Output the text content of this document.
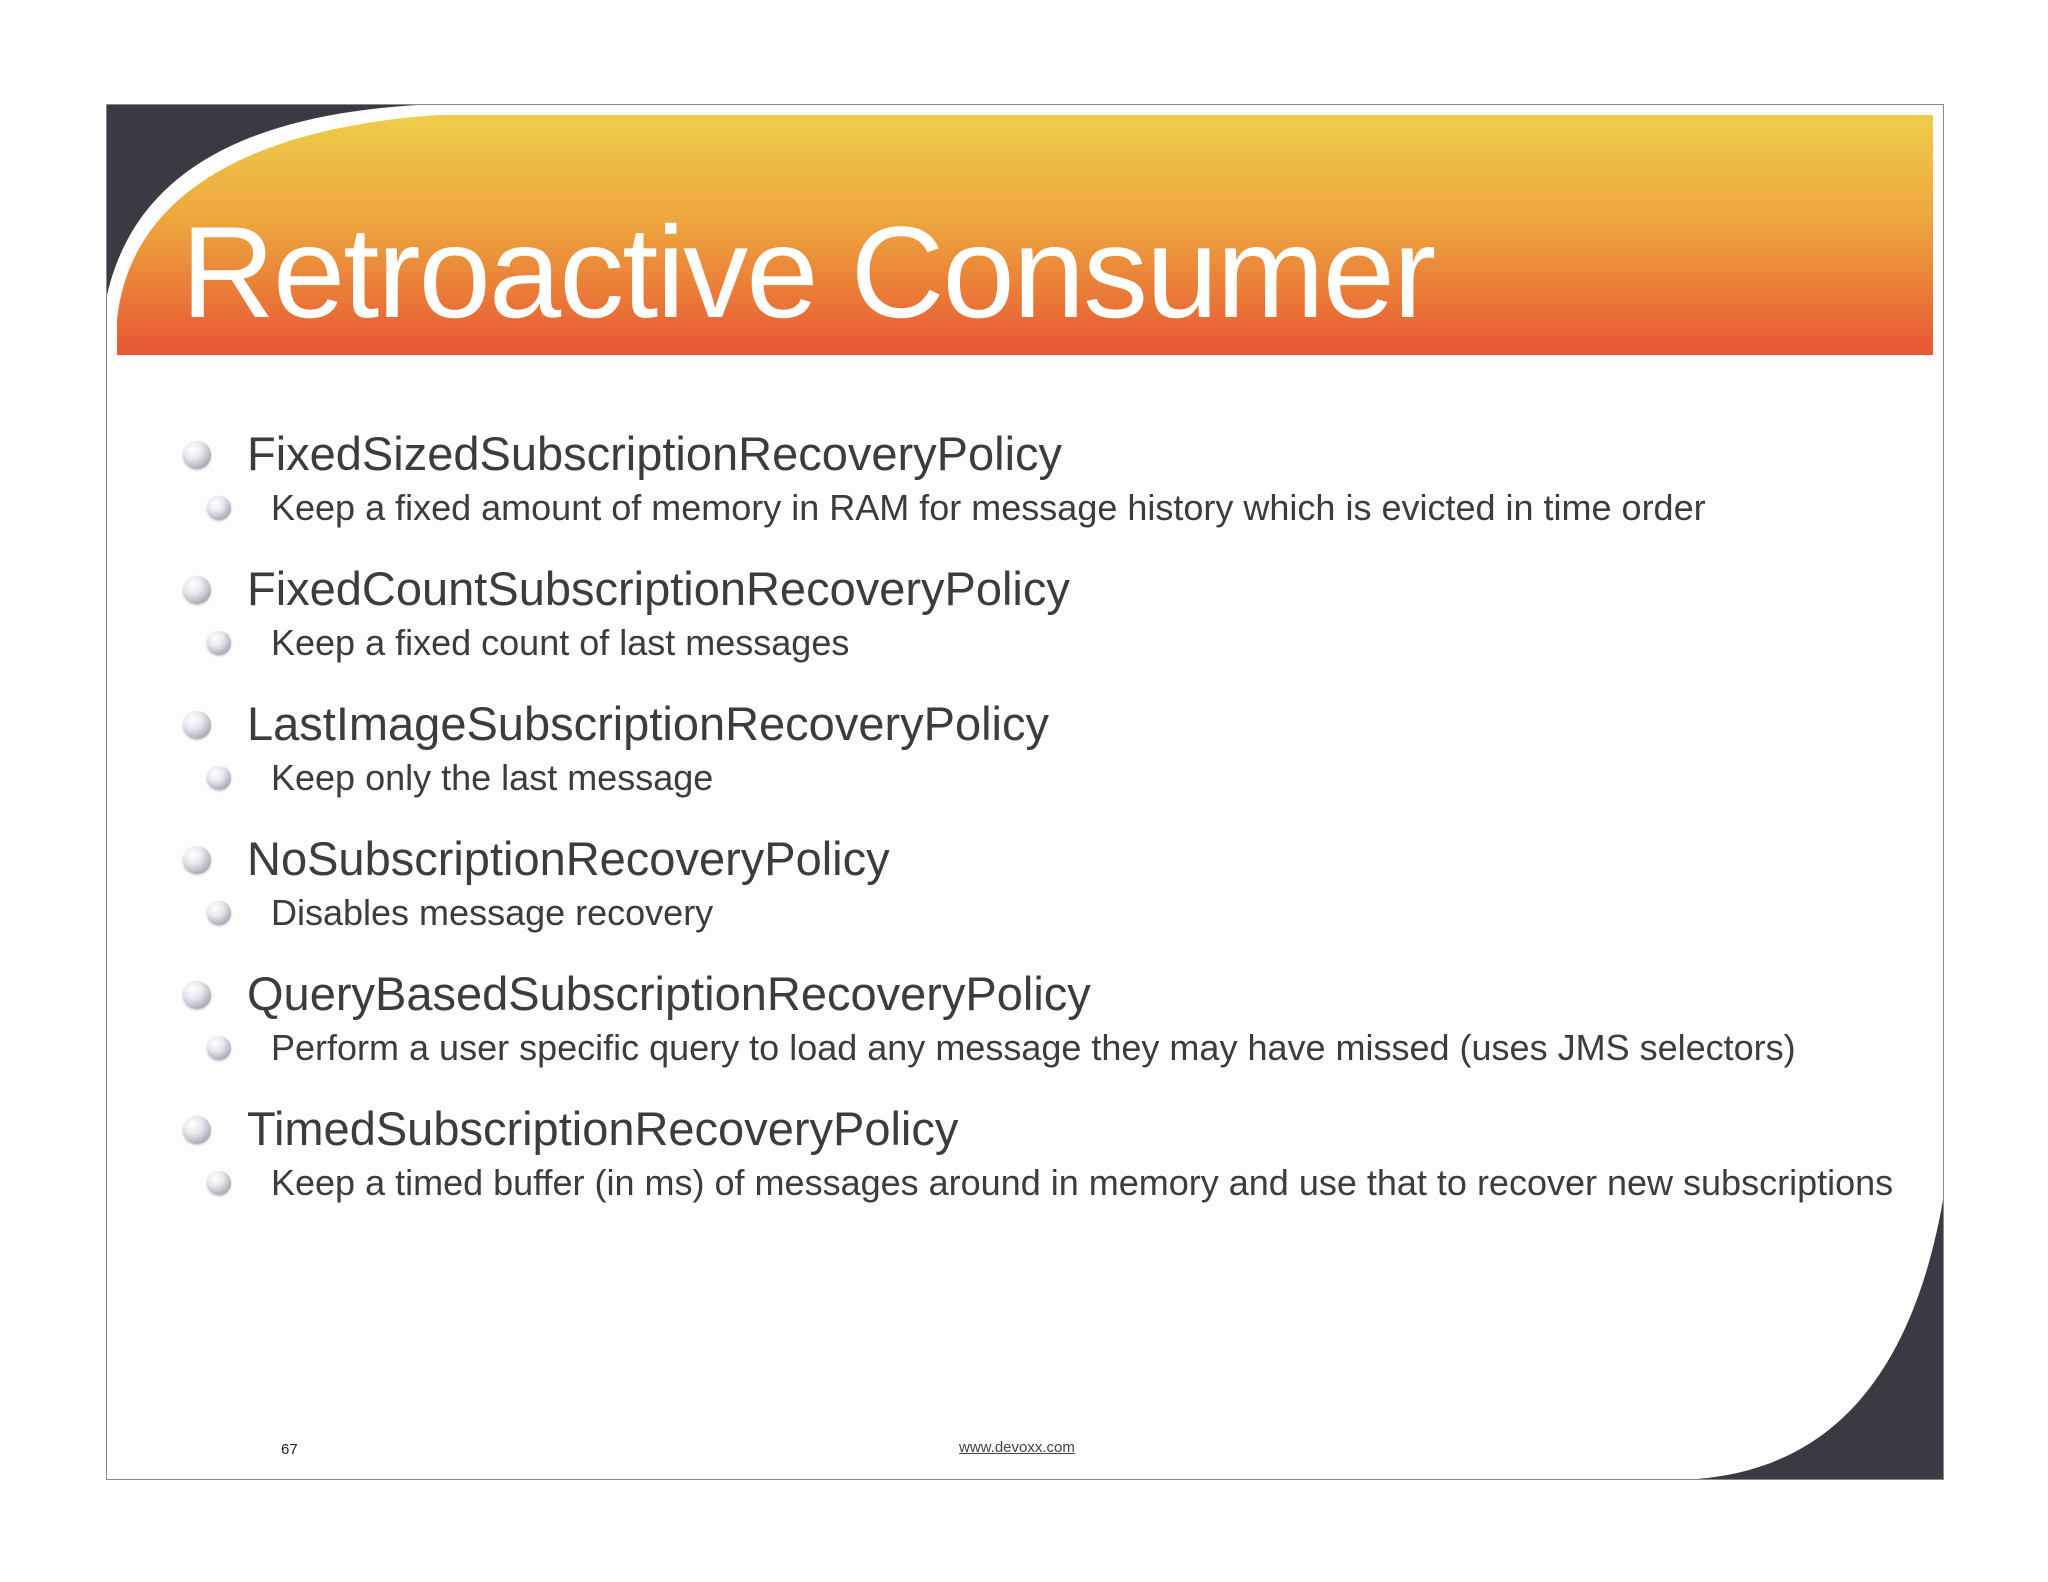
Retroactive Consumer
FixedSizedSubscriptionRecoveryPolicy
Keep a fixed amount of memory in RAM for message history which is evicted in time order
FixedCountSubscriptionRecoveryPolicy
Keep a fixed count of last messages
LastImageSubscriptionRecoveryPolicy
Keep only the last message
NoSubscriptionRecoveryPolicy
Disables message recovery
QueryBasedSubscriptionRecoveryPolicy
Perform a user specific query to load any message they may have missed (uses JMS selectors)
TimedSubscriptionRecoveryPolicy
Keep a timed buffer (in ms) of messages around in memory and use that to recover new subscriptions
67	www.devoxx.com
